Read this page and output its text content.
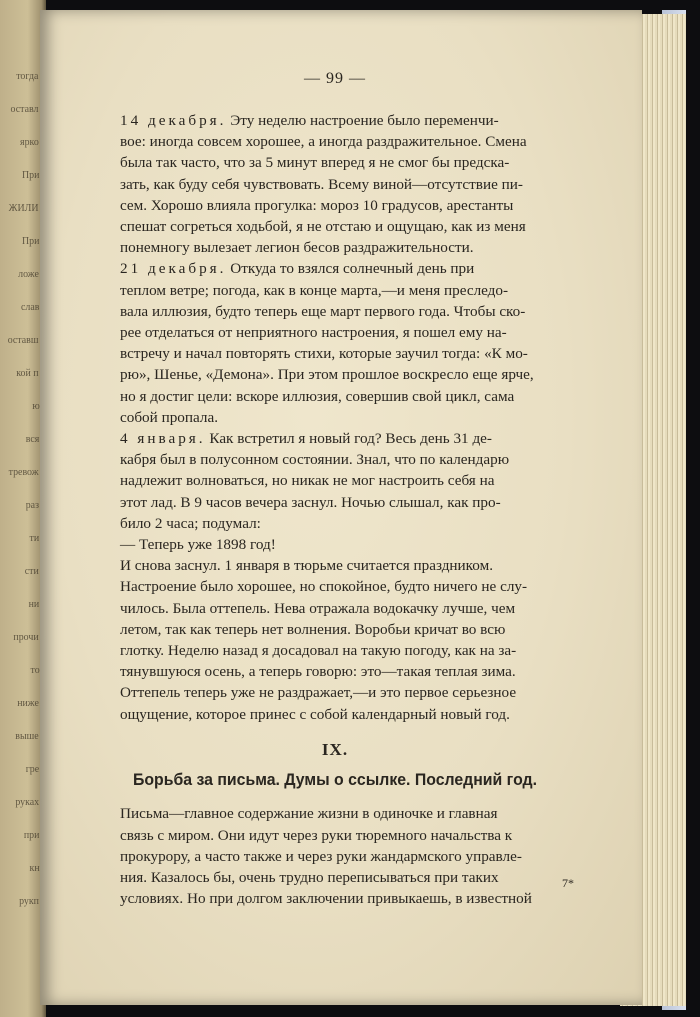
тогда
оставл
ярко
При
ЖИЛИ
При
ложе
слав
оставш
кой п
ю
вся
тревож
раз
ти
сти
ни
прочи
то
ниже
выше
гре
руках
при
кн
рукп
— 99 —

14 декабря. Эту неделю настроение было переменчи-
вое: иногда совсем хорошее, а иногда раздражительное. Смена
была так часто, что за 5 минут вперед я не смог бы предска-
зать, как буду себя чувствовать. Всему виной—отсутствие пи-
сем. Хорошо влияла прогулка: мороз 10 градусов, арестанты
спешат согреться ходьбой, я не отстаю и ощущаю, как из меня
понемногу вылезает легион бесов раздражительности.

21 декабря. Откуда то взялся солнечный день при
теплом ветре; погода, как в конце марта,—и меня преследо-
вала иллюзия, будто теперь еще март первого года. Чтобы ско-
рее отделаться от неприятного настроения, я пошел ему на-
встречу и начал повторять стихи, которые заучил тогда: «К мо-
рю», Шенье, «Демона». При этом прошлое воскресло еще ярче,
но я достиг цели: вскоре иллюзия, совершив свой цикл, сама
собой пропала.

4 января. Как встретил я новый год? Весь день 31 де-
кабря был в полусонном состоянии. Знал, что по календарю
надлежит волноваться, но никак не мог настроить себя на
этот лад. В 9 часов вечера заснул. Ночью слышал, как про-
било 2 часа; подумал:

— Теперь уже 1898 год!

И снова заснул. 1 января в тюрьме считается праздником.
Настроение было хорошее, но спокойное, будто ничего не слу-
чилось. Была оттепель. Нева отражала водокачку лучше, чем
летом, так как теперь нет волнения. Воробьи кричат во всю
глотку. Неделю назад я досадовал на такую погоду, как на за-
тянувшуюся осень, а теперь говорю: это—такая теплая зима.
Оттепель теперь уже не раздражает,—и это первое серьезное
ощущение, которое принес с собой календарный новый год.

IX.
Борьба за письма. Думы о ссылке. Последний год.

Письма—главное содержание жизни в одиночке и главная
связь с миром. Они идут через руки тюремного начальства к
прокурору, а часто также и через руки жандармского управле-
ния. Казалось бы, очень трудно переписываться при таких
условиях. Но при долгом заключении привыкаешь, в известной

7*
